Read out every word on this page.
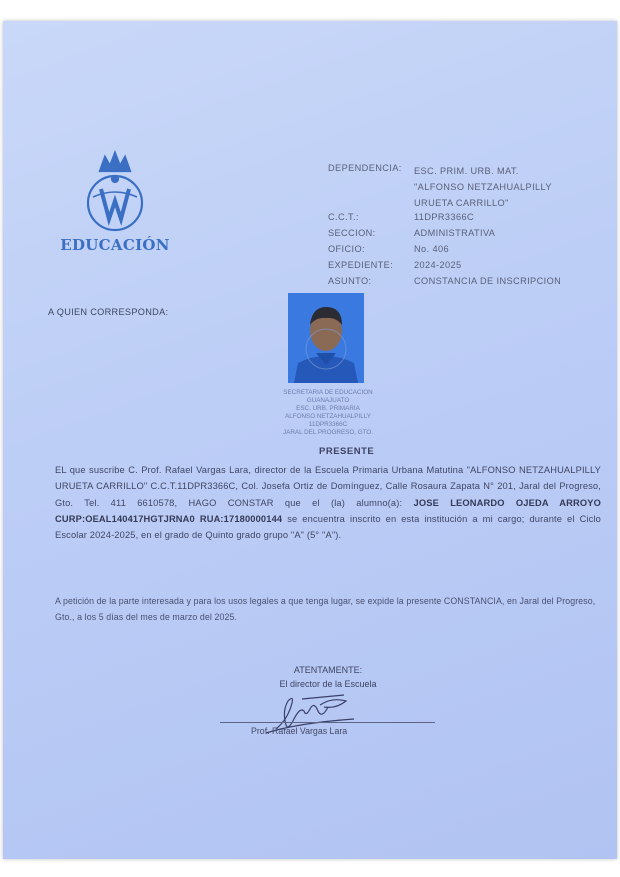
EDUCACIÓN
DEPENDENCIA:	ESC. PRIM. URB. MAT.
"ALFONSO NETZAHUALPILLY
URUETA CARRILLO"
C.C.T.:	11DPR3366C
SECCION:	ADMINISTRATIVA
OFICIO:	No. 406
EXPEDIENTE:	2024-2025
ASUNTO:	CONSTANCIA DE INSCRIPCION
A QUIEN CORRESPONDA:
SECRETARIA DE EDUCACION
GUANAJUATO
ESC. URB. PRIMARIA
ALFONSO NETZAHUALPILLY
11DPR3366C
JARAL DEL PROGRESO, GTO.
PRESENTE
EL que suscribe C. Prof. Rafael Vargas Lara, director de la Escuela Primaria Urbana Matutina "ALFONSO NETZAHUALPILLY URUETA CARRILLO" C.C.T.11DPR3366C, Col. Josefa Ortiz de Domínguez, Calle Rosaura Zapata N° 201, Jaral del Progreso, Gto. Tel. 411 6610578, HAGO CONSTAR que el (la) alumno(a): JOSE LEONARDO OJEDA ARROYO CURP:OEAL140417HGTJRNA0 RUA:17180000144 se encuentra inscrito en esta institución a mi cargo; durante el Ciclo Escolar 2024-2025, en el grado de Quinto grado grupo "A" (5° "A").
A petición de la parte interesada y para los usos legales a que tenga lugar, se expide la presente CONSTANCIA, en Jaral del Progreso, Gto., a los 5 días del mes de marzo del 2025.
ATENTAMENTE:
El director de la Escuela
Prof. Rafael Vargas Lara
